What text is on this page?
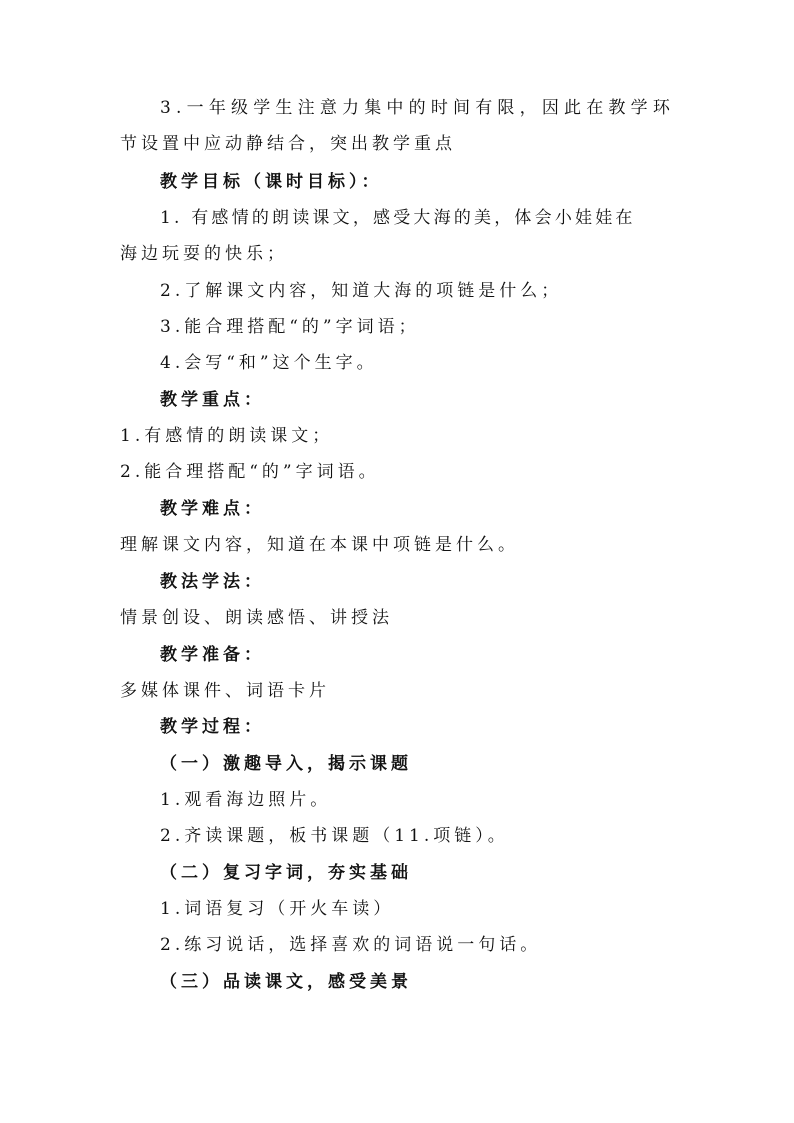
3.一年级学生注意力集中的时间有限，因此在教学环
节设置中应动静结合，突出教学重点
教学目标（课时目标）：
1. 有感情的朗读课文，感受大海的美，体会小娃娃在
海边玩耍的快乐；
2.了解课文内容，知道大海的项链是什么；
3.能合理搭配“的”字词语；
4.会写“和”这个生字。
教学重点：
1.有感情的朗读课文；
2.能合理搭配“的”字词语。
教学难点：
理解课文内容，知道在本课中项链是什么。
教法学法：
情景创设、朗读感悟、讲授法
教学准备：
多媒体课件、词语卡片
教学过程：
（一）激趣导入，揭示课题
1.观看海边照片。
2.齐读课题，板书课题（11.项链）。
（二）复习字词，夯实基础
1.词语复习（开火车读）
2.练习说话，选择喜欢的词语说一句话。
（三）品读课文，感受美景
